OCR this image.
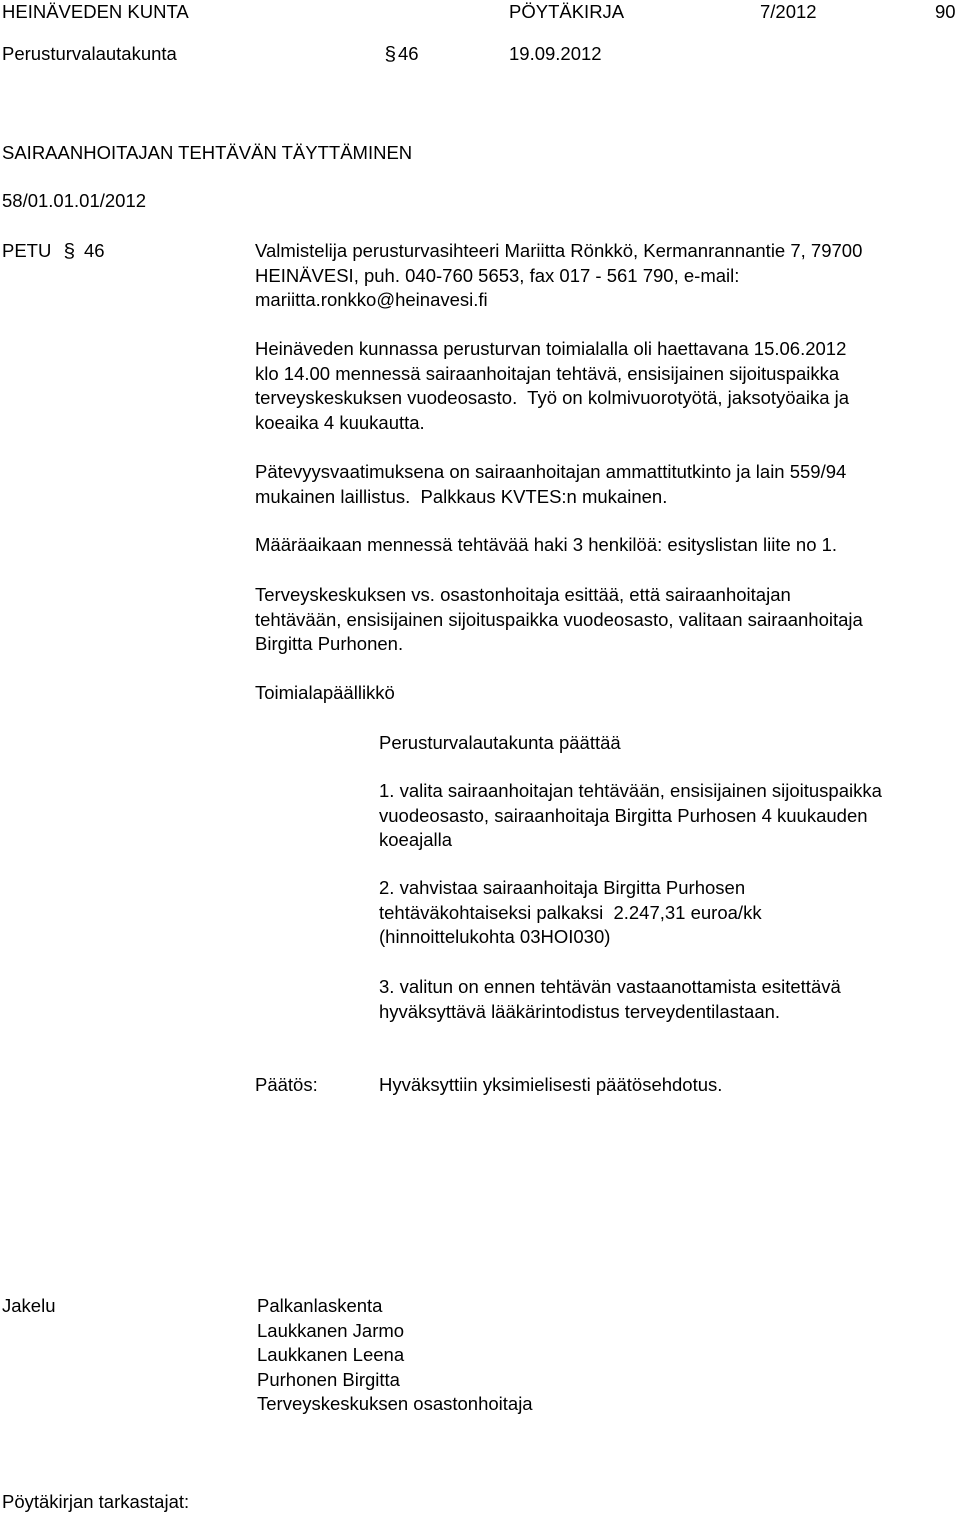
HEINÄVEDEN KUNTA	PÖYTÄKIRJA	7/2012	90
Perusturvalautakunta	§ 46	19.09.2012
SAIRAANHOITAJAN TEHTÄVÄN TÄYTTÄMINEN
58/01.01.01/2012
PETU § 46	Valmistelija perusturvasihteeri Mariitta Rönkkö, Kermanrannantie 7, 79700
HEINÄVESI, puh. 040-760 5653, fax 017 - 561 790, e-mail:
mariitta.ronkko@heinavesi.fi
Heinäveden kunnassa perusturvan toimialalla oli haettavana 15.06.2012
klo 14.00 mennessä sairaanhoitajan tehtävä, ensisijainen sijoituspaikka
terveyskeskuksen vuodeosasto.  Työ on kolmivuorotyötä, jaksotyöaika ja
koeaika 4 kuukautta.
Pätevyysvaatimuksena on sairaanhoitajan ammattitutkinto ja lain 559/94
mukainen laillistus.  Palkkaus KVTES:n mukainen.
Määräaikaan mennessä tehtävää haki 3 henkilöä: esityslistan liite no 1.
Terveyskeskuksen vs. osastonhoitaja esittää, että sairaanhoitajan
tehtävään, ensisijainen sijoituspaikka vuodeosasto, valitaan sairaanhoitaja
Birgitta Purhonen.
Toimialapäällikkö
Perusturvalautakunta päättää
1. valita sairaanhoitajan tehtävään, ensisijainen sijoituspaikka
vuodeosasto, sairaanhoitaja Birgitta Purhosen 4 kuukauden
koeajalla
2. vahvistaa sairaanhoitaja Birgitta Purhosen
tehtäväkohtaiseksi palkaksi  2.247,31 euroa/kk
(hinnoittelukohta 03HOI030)
3. valitun on ennen tehtävän vastaanottamista esitettävä
hyväksyttävä lääkärintodistus terveydentilastaan.
Päätös:	Hyväksyttiin yksimielisesti päätösehdotus.
Jakelu	Palkanlaskenta
Laukkanen Jarmo
Laukkanen Leena
Purhonen Birgitta
Terveyskeskuksen osastonhoitaja
Pöytäkirjan tarkastajat:
